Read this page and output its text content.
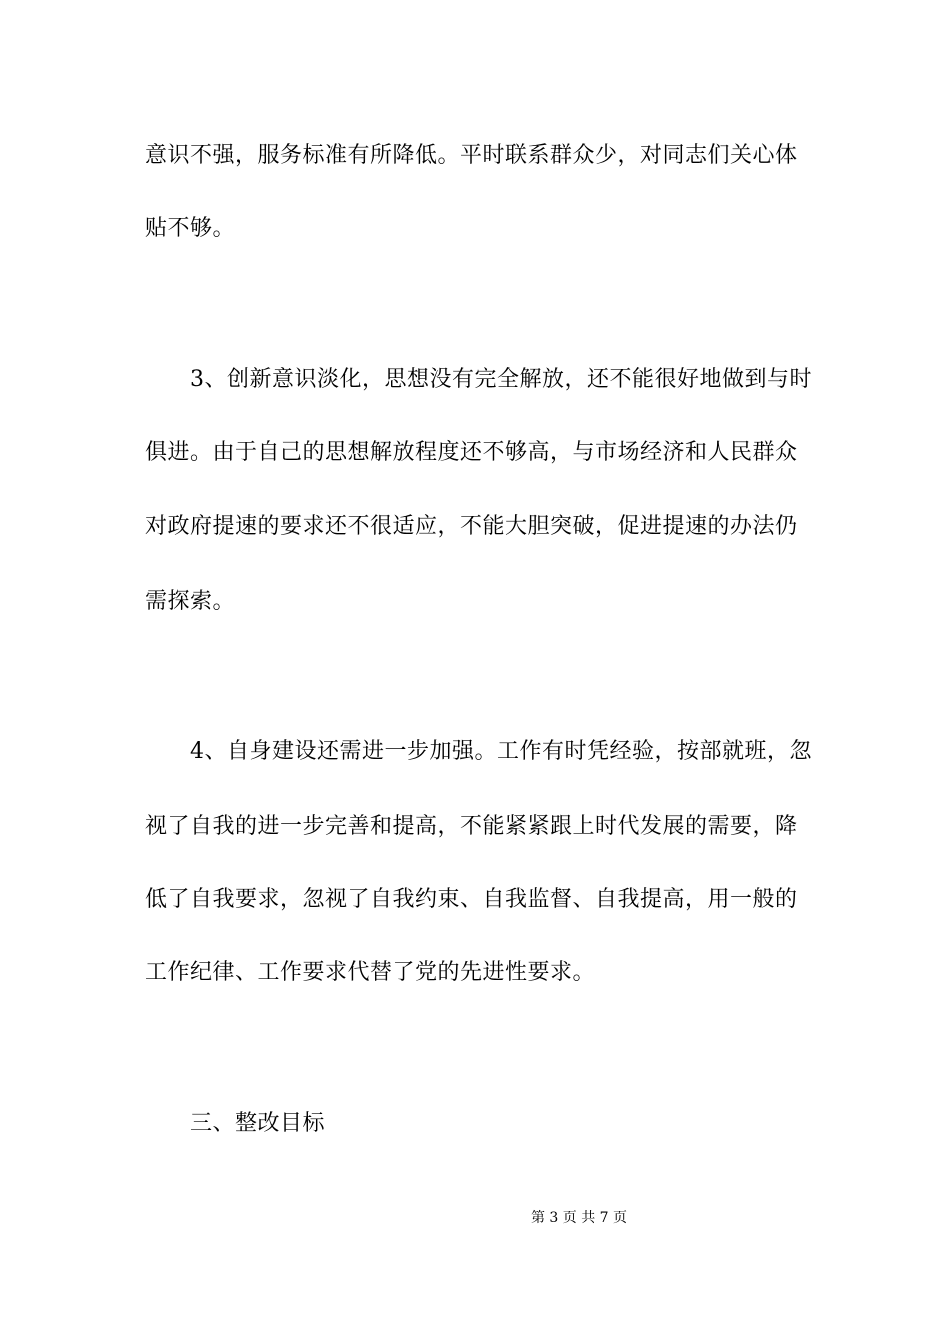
意识不强，服务标准有所降低。平时联系群众少，对同志们关心体
贴不够。
3、创新意识淡化，思想没有完全解放，还不能很好地做到与时
俱进。由于自己的思想解放程度还不够高，与市场经济和人民群众
对政府提速的要求还不很适应，不能大胆突破，促进提速的办法仍
需探索。
4、自身建设还需进一步加强。工作有时凭经验，按部就班，忽
视了自我的进一步完善和提高，不能紧紧跟上时代发展的需要，降
低了自我要求，忽视了自我约束、自我监督、自我提高，用一般的
工作纪律、工作要求代替了党的先进性要求。
三、整改目标
第 3 页 共 7 页
